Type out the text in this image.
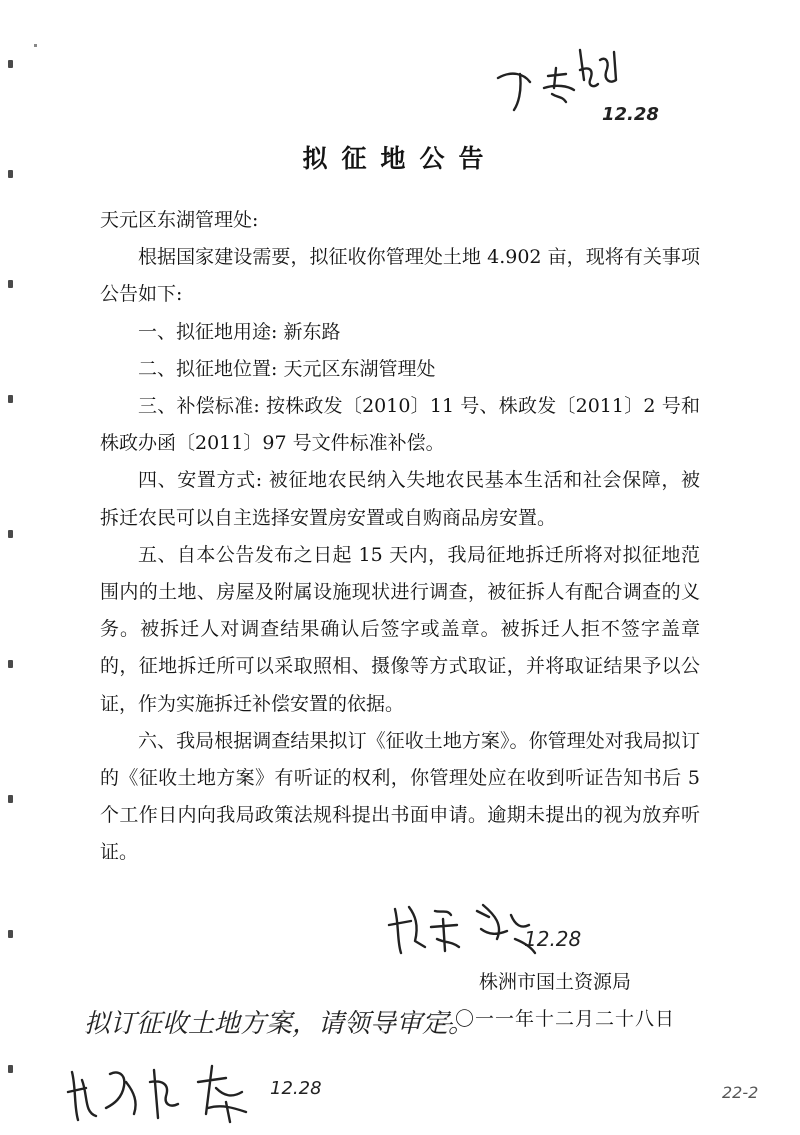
12.28
拟征地公告

天元区东湖管理处:

根据国家建设需要，拟征收你管理处土地 4.902 亩，现将有关事项公告如下:

一、拟征地用途: 新东路

二、拟征地位置: 天元区东湖管理处

三、补偿标准: 按株政发〔2010〕11 号、株政发〔2011〕2 号和株政办函〔2011〕97 号文件标准补偿。

四、安置方式: 被征地农民纳入失地农民基本生活和社会保障，被拆迁农民可以自主选择安置房安置或自购商品房安置。

五、自本公告发布之日起 15 天内，我局征地拆迁所将对拟征地范围内的土地、房屋及附属设施现状进行调查，被征拆人有配合调查的义务。被拆迁人对调查结果确认后签字或盖章。被拆迁人拒不签字盖章的，征地拆迁所可以采取照相、摄像等方式取证，并将取证结果予以公证，作为实施拆迁补偿安置的依据。

六、我局根据调查结果拟订《征收土地方案》。你管理处对我局拟订的《征收土地方案》有听证的权利，你管理处应在收到听证告知书后 5 个工作日内向我局政策法规科提出书面申请。逾期未提出的视为放弃听证。

12.28
株洲市国土资源局
二〇一一年十二月二十八日
拟订征收土地方案，请领导审定。
12.28	22-2
